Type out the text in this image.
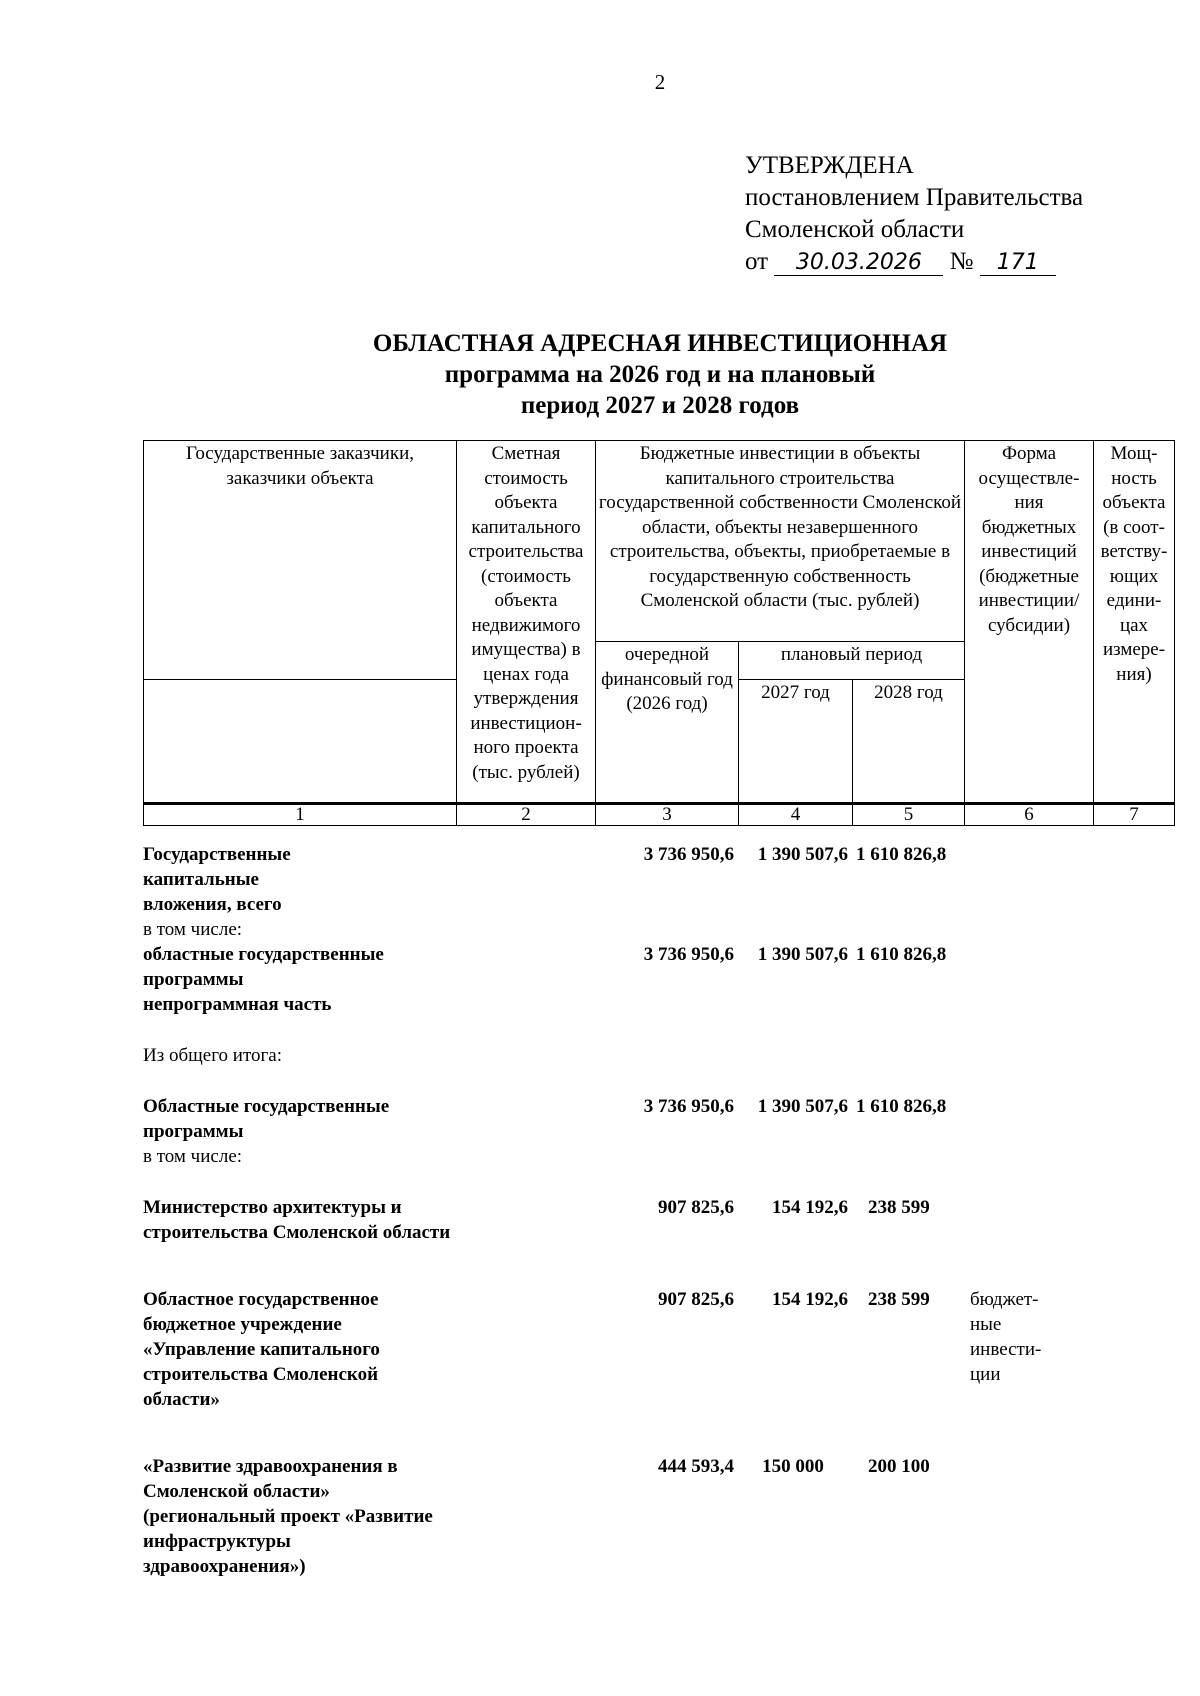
2
УТВЕРЖДЕНА
постановлением Правительства
Смоленской области
от 30.03.2026 № 171
ОБЛАСТНАЯ АДРЕСНАЯ ИНВЕСТИЦИОННАЯ
программа на 2026 год и на плановый
период 2027 и 2028 годов
Государственные заказчики, заказчики объекта	Сметная стоимость объекта капитального строительства (стоимость объекта недвижимого имущества) в ценах года утверждения инвестицион-ного проекта (тыс. рублей)	Бюджетные инвестиции в объекты капитального строительства государственной собственности Смоленской области, объекты незавершенного строительства, объекты, приобретаемые в государственную собственность Смоленской области (тыс. рублей)			Форма осуществле-ния бюджетных инвестиций (бюджетные инвестиции/ субсидии)	Мощ-ность объекта (в соот-ветству-ющих едини-цах измере-ния)
		очередной финансовый год (2026 год)	плановый период			
			2027 год	2028 год		
1	2	3	4	5	6	7
Государственные капитальные вложения, всего		3 736 950,6	1 390 507,6	1 610 826,8		
в том числе:						
областные государственные программы		3 736 950,6	1 390 507,6	1 610 826,8		
непрограммная часть						

Из общего итога:						

Областные государственные программы		3 736 950,6	1 390 507,6	1 610 826,8		
в том числе:						

Министерство архитектуры и строительства Смоленской области		907 825,6	154 192,6	238 599		

Областное государственное бюджетное учреждение «Управление капитального строительства Смоленской области»		907 825,6	154 192,6	238 599	бюджет-ные инвести-ции	

«Развитие здравоохранения в Смоленской области» (региональный проект «Развитие инфраструктуры здравоохранения»)		444 593,4	150 000	200 100		
